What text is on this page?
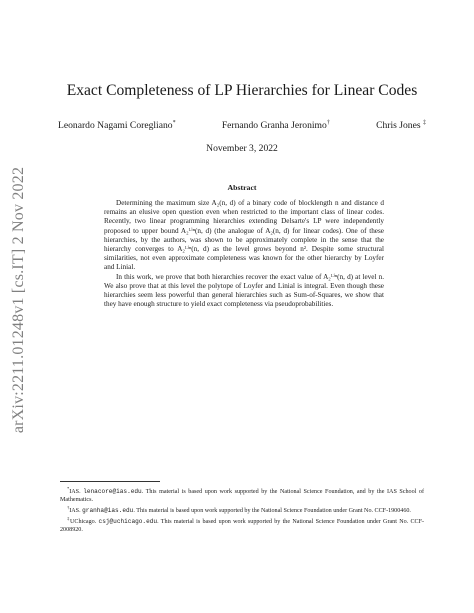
arXiv:2211.01248v1 [cs.IT] 2 Nov 2022
Exact Completeness of LP Hierarchies for Linear Codes
Leonardo Nagami Coregliano*	Fernando Granha Jeronimo†	Chris Jones ‡
November 3, 2022
Abstract

Determining the maximum size A₂(n, d) of a binary code of blocklength n and distance d remains an elusive open question even when restricted to the important class of linear codes. Recently, two linear programming hierarchies extending Delsarte's LP were independently proposed to upper bound A₂ᴸⁱⁿ(n, d) (the analogue of A₂(n, d) for linear codes). One of these hierarchies, by the authors, was shown to be approximately complete in the sense that the hierarchy converges to A₂ᴸⁱⁿ(n, d) as the level grows beyond n². Despite some structural similarities, not even approximate completeness was known for the other hierarchy by Loyfer and Linial.

In this work, we prove that both hierarchies recover the exact value of A₂ᴸⁱⁿ(n, d) at level n. We also prove that at this level the polytope of Loyfer and Linial is integral. Even though these hierarchies seem less powerful than general hierarchies such as Sum-of-Squares, we show that they have enough structure to yield exact completeness via pseudoprobabilities.

*IAS. lenacore@ias.edu. This material is based upon work supported by the National Science Foundation, and by the IAS School of Mathematics.

†IAS. granha@ias.edu. This material is based upon work supported by the National Science Foundation under Grant No. CCF-1900460.

‡UChicago. csj@uchicago.edu. This material is based upon work supported by the National Science Foundation under Grant No. CCF-2008920.
